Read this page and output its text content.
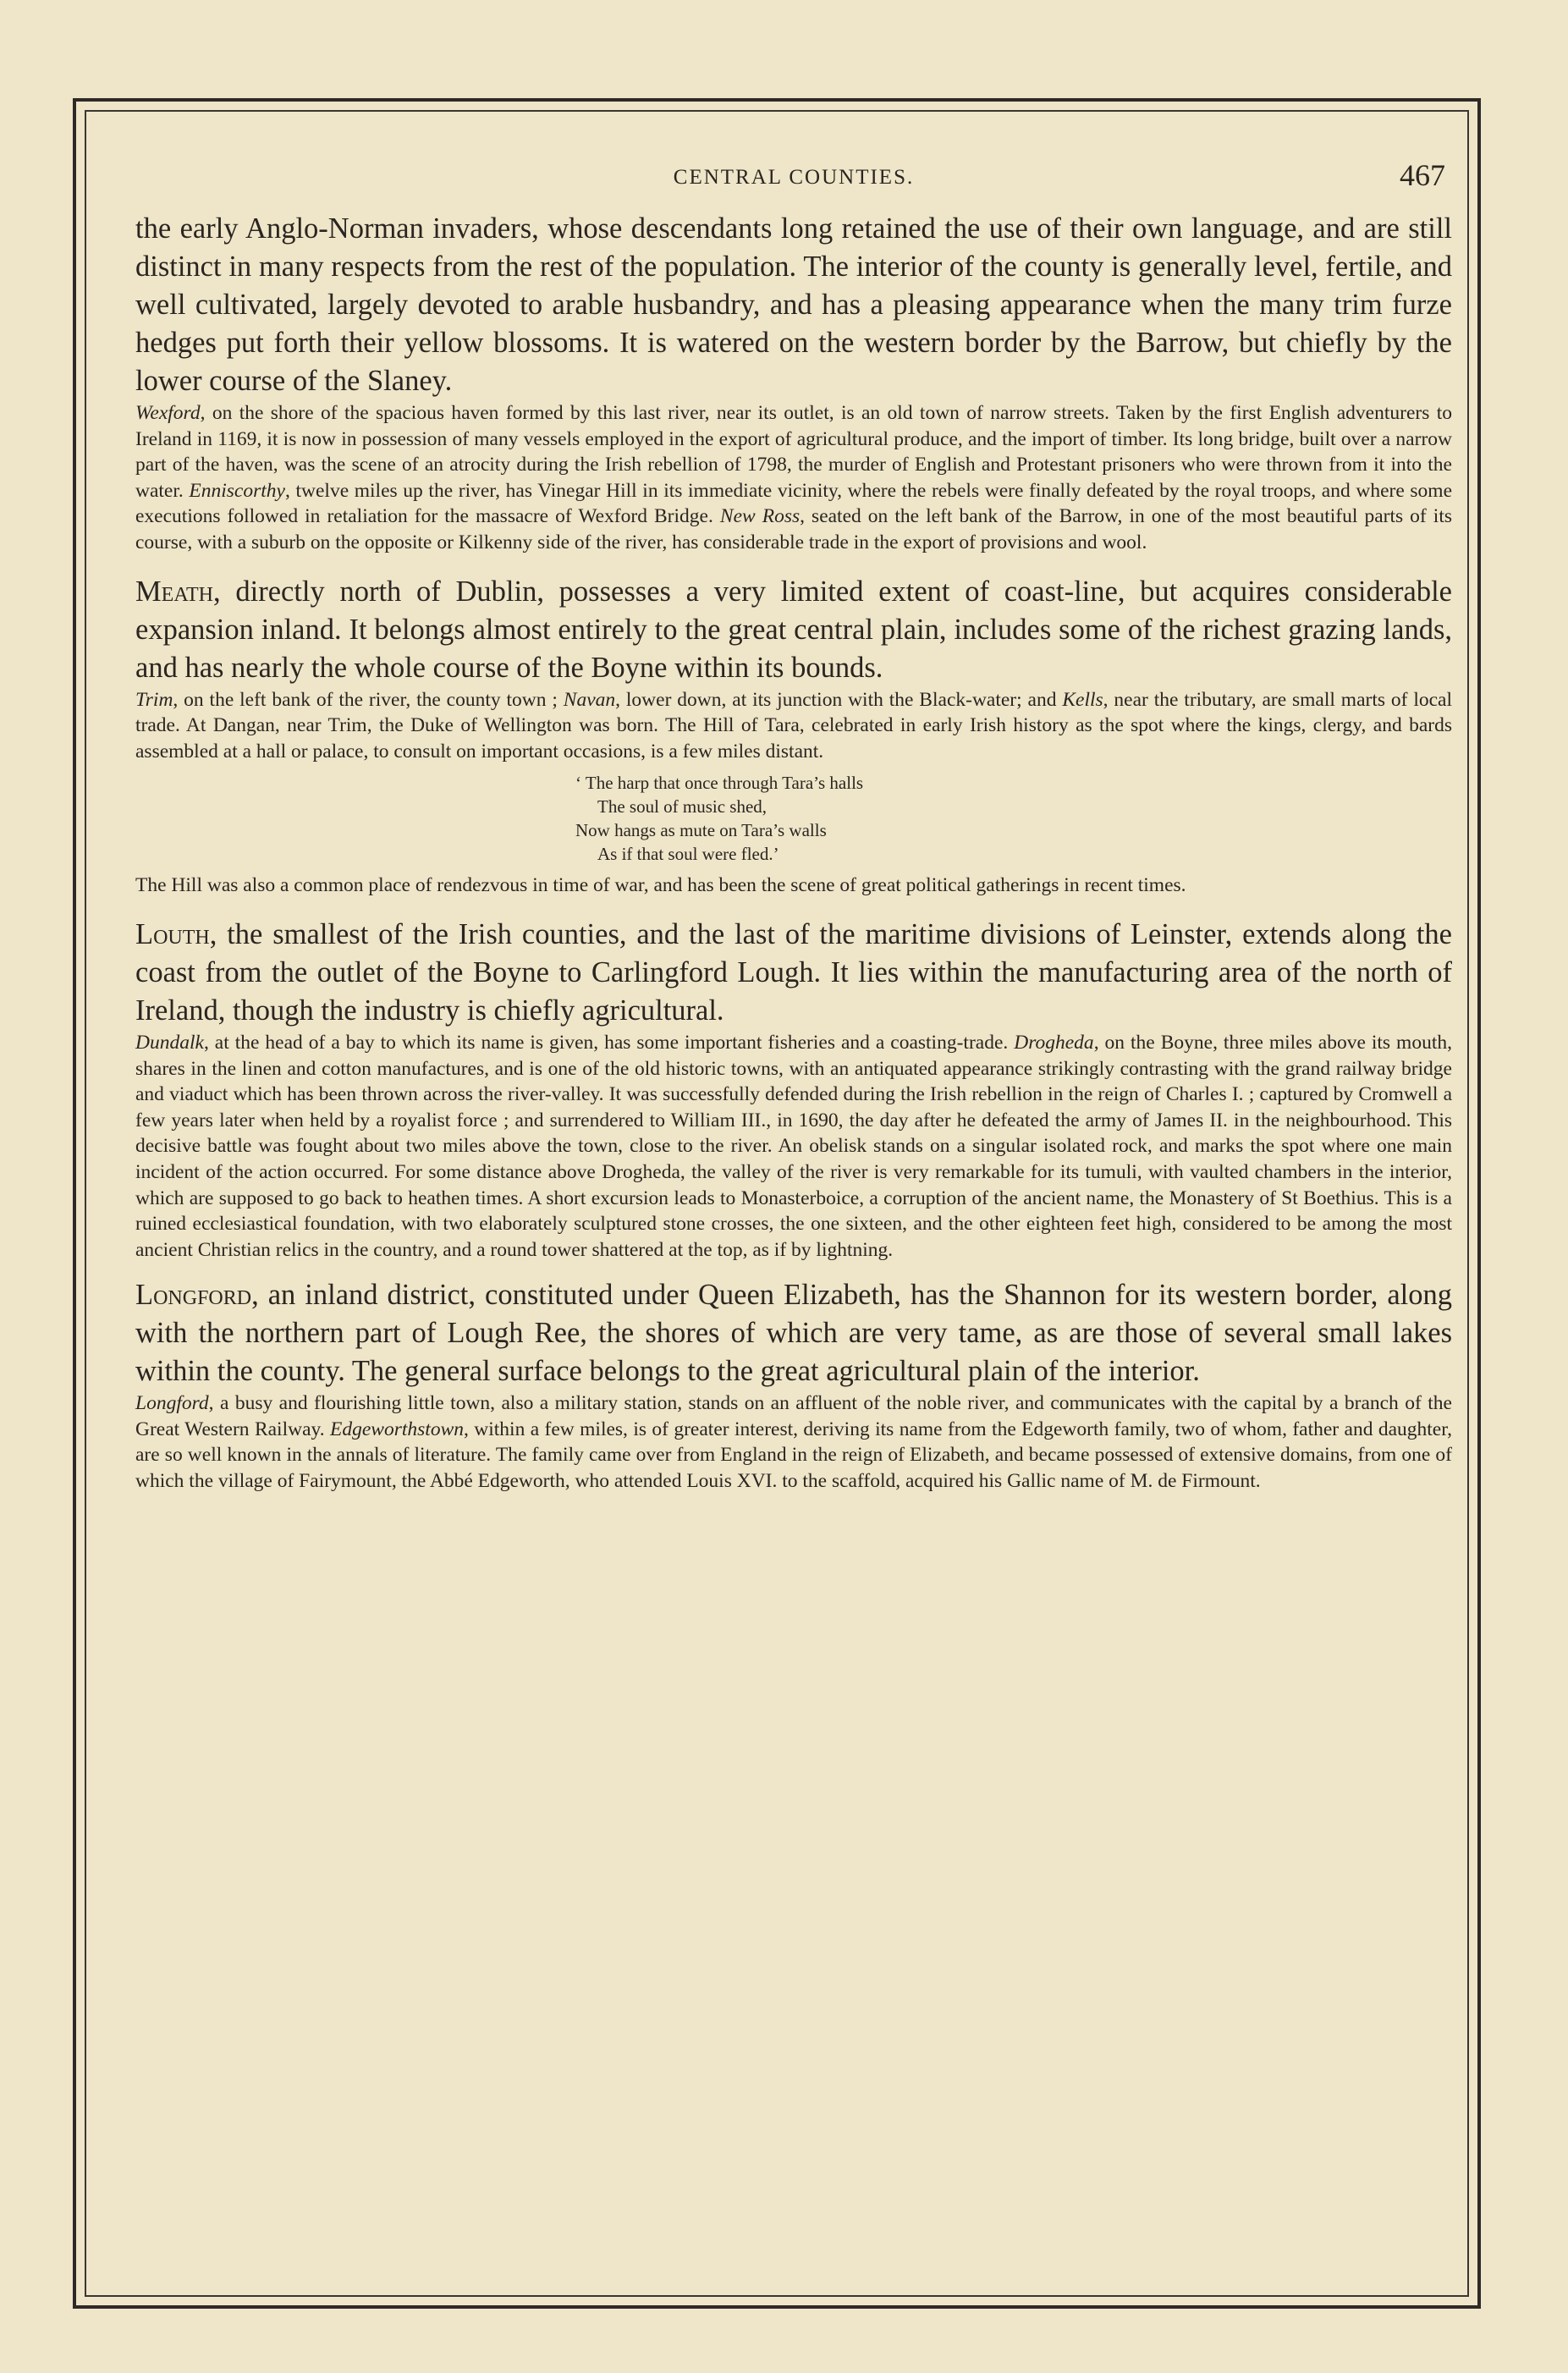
CENTRAL COUNTIES.	467

the early Anglo-Norman invaders, whose descendants long retained the use of their own language, and are still distinct in many respects from the rest of the population. The interior of the county is generally level, fertile, and well cultivated, largely devoted to arable husbandry, and has a pleasing appearance when the many trim furze hedges put forth their yellow blossoms. It is watered on the western border by the Barrow, but chiefly by the lower course of the Slaney.

Wexford, on the shore of the spacious haven formed by this last river, near its outlet, is an old town of narrow streets. Taken by the first English adventurers to Ireland in 1169, it is now in possession of many vessels employed in the export of agricultural produce, and the import of timber. Its long bridge, built over a narrow part of the haven, was the scene of an atrocity during the Irish rebellion of 1798, the murder of English and Protestant prisoners who were thrown from it into the water. Enniscorthy, twelve miles up the river, has Vinegar Hill in its immediate vicinity, where the rebels were finally defeated by the royal troops, and where some executions followed in retaliation for the massacre of Wexford Bridge. New Ross, seated on the left bank of the Barrow, in one of the most beautiful parts of its course, with a suburb on the opposite or Kilkenny side of the river, has considerable trade in the export of provisions and wool.

Meath, directly north of Dublin, possesses a very limited extent of coast-line, but acquires considerable expansion inland. It belongs almost entirely to the great central plain, includes some of the richest grazing lands, and has nearly the whole course of the Boyne within its bounds.

Trim, on the left bank of the river, the county town ; Navan, lower down, at its junction with the Black-water; and Kells, near the tributary, are small marts of local trade. At Dangan, near Trim, the Duke of Wellington was born. The Hill of Tara, celebrated in early Irish history as the spot where the kings, clergy, and bards assembled at a hall or palace, to consult on important occasions, is a few miles distant.

‘ The harp that once through Tara’s halls
The soul of music shed,
Now hangs as mute on Tara’s walls
As if that soul were fled.’

The Hill was also a common place of rendezvous in time of war, and has been the scene of great political gatherings in recent times.

Louth, the smallest of the Irish counties, and the last of the maritime divisions of Leinster, extends along the coast from the outlet of the Boyne to Carlingford Lough. It lies within the manufacturing area of the north of Ireland, though the industry is chiefly agricultural.

Dundalk, at the head of a bay to which its name is given, has some important fisheries and a coasting-trade. Drogheda, on the Boyne, three miles above its mouth, shares in the linen and cotton manufactures, and is one of the old historic towns, with an antiquated appearance strikingly contrasting with the grand railway bridge and viaduct which has been thrown across the river-valley. It was successfully defended during the Irish rebellion in the reign of Charles I. ; captured by Cromwell a few years later when held by a royalist force ; and surrendered to William III., in 1690, the day after he defeated the army of James II. in the neighbourhood. This decisive battle was fought about two miles above the town, close to the river. An obelisk stands on a singular isolated rock, and marks the spot where one main incident of the action occurred. For some distance above Drogheda, the valley of the river is very remarkable for its tumuli, with vaulted chambers in the interior, which are supposed to go back to heathen times. A short excursion leads to Monasterboice, a corruption of the ancient name, the Monastery of St Boethius. This is a ruined ecclesiastical foundation, with two elaborately sculptured stone crosses, the one sixteen, and the other eighteen feet high, considered to be among the most ancient Christian relics in the country, and a round tower shattered at the top, as if by lightning.

Longford, an inland district, constituted under Queen Elizabeth, has the Shannon for its western border, along with the northern part of Lough Ree, the shores of which are very tame, as are those of several small lakes within the county. The general surface belongs to the great agricultural plain of the interior.

Longford, a busy and flourishing little town, also a military station, stands on an affluent of the noble river, and communicates with the capital by a branch of the Great Western Railway. Edgeworthstown, within a few miles, is of greater interest, deriving its name from the Edgeworth family, two of whom, father and daughter, are so well known in the annals of literature. The family came over from England in the reign of Elizabeth, and became possessed of extensive domains, from one of which the village of Fairymount, the Abbé Edgeworth, who attended Louis XVI. to the scaffold, acquired his Gallic name of M. de Firmount.
